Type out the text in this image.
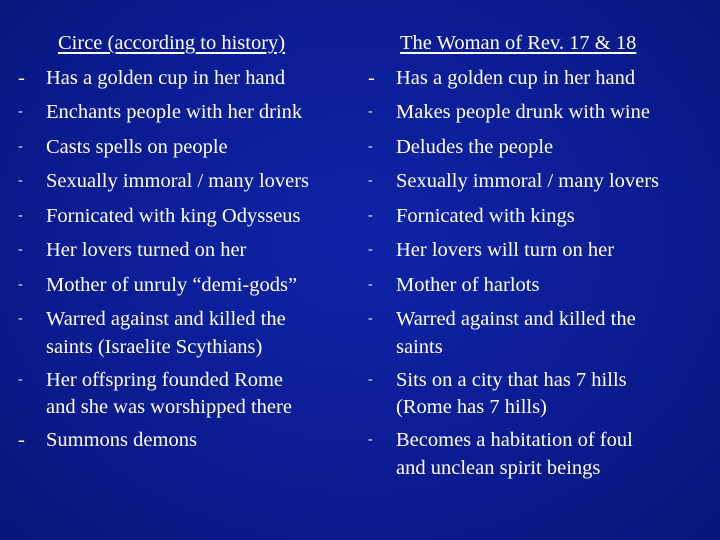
Circe (according to history)
-	Has a golden cup in her hand
-	Enchants people with her drink
-	Casts spells on people
-	Sexually immoral / many lovers
-	Fornicated with king Odysseus
-	Her lovers turned on her
-	Mother of unruly “demi-gods”
-	Warred against and killed the
saints (Israelite Scythians)
-	Her offspring founded Rome
and she was worshipped there
-	Summons demons
The Woman of Rev. 17 & 18
-	Has a golden cup in her hand
-	Makes people drunk with wine
-	Deludes the people
-	Sexually immoral / many lovers
-	Fornicated with kings
-	Her lovers will turn on her
-	Mother of harlots
-	Warred against and killed the
saints
-	Sits on a city that has 7 hills
(Rome has 7 hills)
-	Becomes a habitation of foul
and unclean spirit beings
